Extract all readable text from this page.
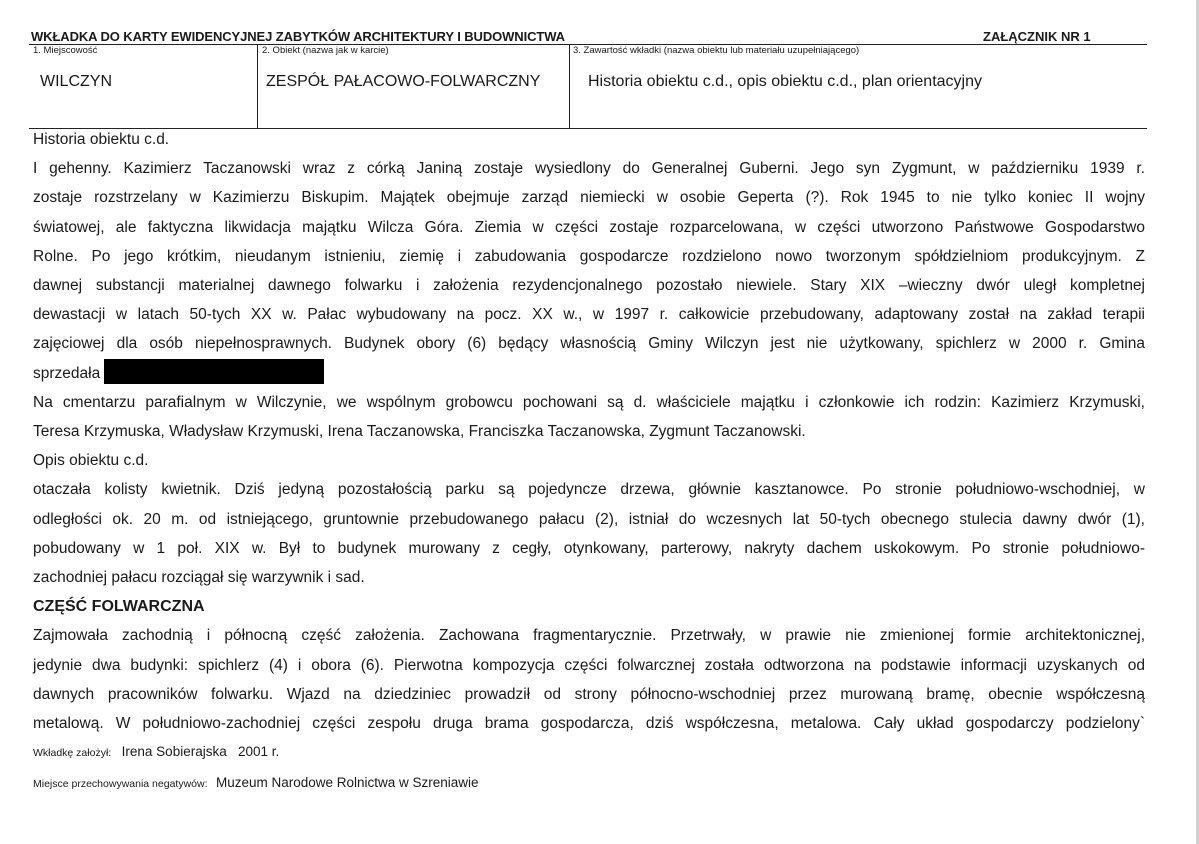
WKŁADKA DO KARTY EWIDENCYJNEJ ZABYTKÓW ARCHITEKTURY I BUDOWNICTWA	ZAŁĄCZNIK NR 1
1. Miejscowość
WILCZYN
2. Obiekt (nazwa jak w karcie)
ZESPÓŁ PAŁACOWO-FOLWARCZNY
3. Zawartość wkładki (nazwa obiektu lub materiału uzupełniającego)
Historia obiektu c.d., opis obiektu c.d., plan orientacyjny

Historia obiektu c.d.

I gehenny. Kazimierz Taczanowski wraz z córką Janiną zostaje wysiedlony do Generalnej Guberni. Jego syn Zygmunt, w październiku 1939 r.

zostaje rozstrzelany w Kazimierzu Biskupim. Majątek obejmuje zarząd niemiecki w osobie Geperta (?). Rok 1945 to nie tylko koniec II wojny

światowej, ale faktyczna likwidacja majątku Wilcza Góra. Ziemia w części zostaje rozparcelowana, w części utworzono Państwowe Gospodarstwo

Rolne. Po jego krótkim, nieudanym istnieniu, ziemię i zabudowania gospodarcze rozdzielono nowo tworzonym spółdzielniom produkcyjnym. Z

dawnej substancji materialnej dawnego folwarku i założenia rezydencjonalnego pozostało niewiele. Stary XIX –wieczny dwór uległ kompletnej

dewastacji w latach 50-tych XX w. Pałac wybudowany na pocz. XX w., w 1997 r. całkowicie przebudowany, adaptowany został na zakład terapii

zajęciowej dla osób niepełnosprawnych. Budynek obory (6) będący własnością Gminy Wilczyn jest nie użytkowany, spichlerz w 2000 r. Gmina

sprzedała

Na cmentarzu parafialnym w Wilczynie, we wspólnym grobowcu pochowani są d. właściciele majątku i członkowie ich rodzin: Kazimierz Krzymuski,

Teresa Krzymuska, Władysław Krzymuski, Irena Taczanowska, Franciszka Taczanowska, Zygmunt Taczanowski.

Opis obiektu c.d.

otaczała kolisty kwietnik. Dziś jedyną pozostałością parku są pojedyncze drzewa, głównie kasztanowce. Po stronie południowo-wschodniej, w

odległości ok. 20 m. od istniejącego, gruntownie przebudowanego pałacu (2), istniał do wczesnych lat 50-tych obecnego stulecia dawny dwór (1),

pobudowany w 1 poł. XIX w. Był to budynek murowany z cegły, otynkowany, parterowy, nakryty dachem uskokowym. Po stronie południowo-

zachodniej pałacu rozciągał się warzywnik i sad.

CZĘŚĆ FOLWARCZNA

Zajmowała zachodnią i północną część założenia. Zachowana fragmentarycznie. Przetrwały, w prawie nie zmienionej formie architektonicznej,

jedynie dwa budynki: spichlerz (4) i obora (6). Pierwotna kompozycja części folwarcznej została odtworzona na podstawie informacji uzyskanych od

dawnych pracowników folwarku. Wjazd na dziedziniec prowadził od strony północno-wschodniej przez murowaną bramę, obecnie współczesną

metalową. W południowo-zachodniej części zespołu druga brama gospodarcza, dziś współczesna, metalowa. Cały układ gospodarczy podzielony`

Wkładkę założył: Irena Sobierajska   2001 r.
Miejsce przechowywania negatywów: Muzeum Narodowe Rolnictwa w Szreniawie
